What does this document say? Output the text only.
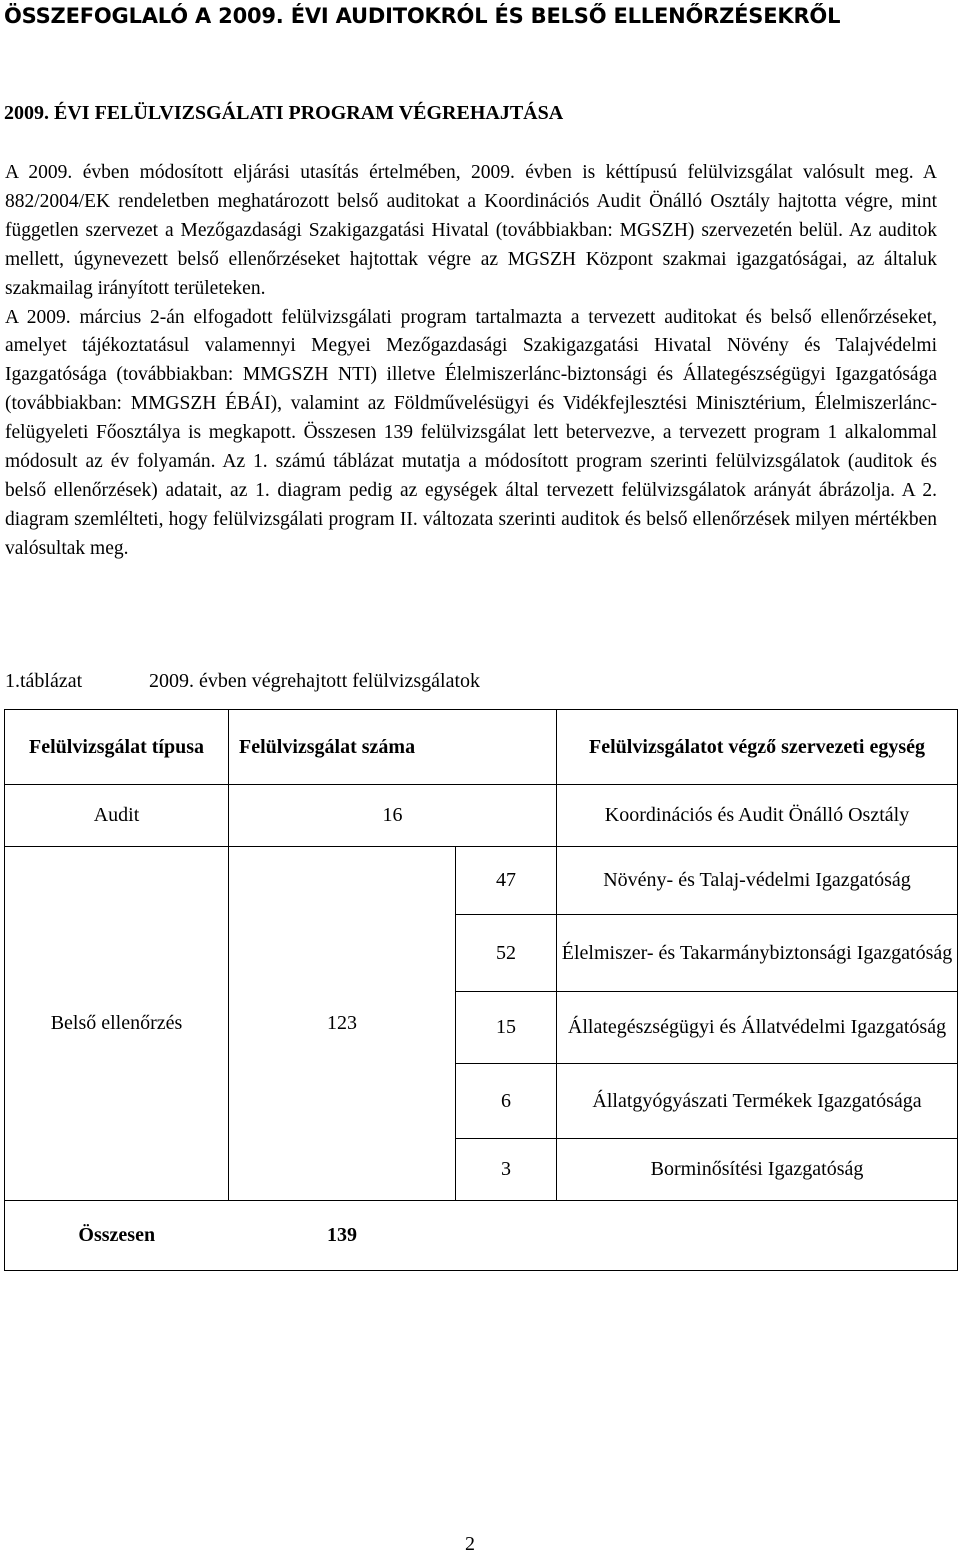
ÖSSZEFOGLALÓ A 2009. ÉVI AUDITOKRÓL ÉS BELSŐ ELLENŐRZÉSEKRŐL
2009. ÉVI FELÜLVIZSGÁLATI PROGRAM VÉGREHAJTÁSA

A 2009. évben módosított eljárási utasítás értelmében, 2009. évben is kéttípusú felülvizsgálat valósult meg. A 882/2004/EK rendeletben meghatározott belső auditokat a Koordinációs Audit Önálló Osztály hajtotta végre, mint független szervezet a Mezőgazdasági Szakigazgatási Hivatal (továbbiakban: MGSZH) szervezetén belül. Az auditok mellett, úgynevezett belső ellenőrzéseket hajtottak végre az MGSZH Központ szakmai igazgatóságai, az általuk szakmailag irányított területeken.

A 2009. március 2-án elfogadott felülvizsgálati program tartalmazta a tervezett auditokat és belső ellenőrzéseket, amelyet tájékoztatásul valamennyi Megyei Mezőgazdasági Szakigazgatási Hivatal Növény és Talajvédelmi Igazgatósága (továbbiakban: MMGSZH NTI) illetve Élelmiszerlánc-biztonsági és Állategészségügyi Igazgatósága (továbbiakban: MMGSZH ÉBÁI), valamint az Földművelésügyi és Vidékfejlesztési Minisztérium, Élelmiszerlánc-felügyeleti Főosztálya is megkapott. Összesen 139 felülvizsgálat lett betervezve, a tervezett program 1 alkalommal módosult az év folyamán. Az 1. számú táblázat mutatja a módosított program szerinti felülvizsgálatok (auditok és belső ellenőrzések) adatait, az 1. diagram pedig az egységek által tervezett felülvizsgálatok arányát ábrázolja. A 2. diagram szemlélteti, hogy felülvizsgálati program II. változata szerinti auditok és belső ellenőrzések milyen mértékben valósultak meg.

1.táblázat	2009. évben végrehajtott felülvizsgálatok
Felülvizsgálat típusa	Felülvizsgálat száma		Felülvizsgálatot végző szervezeti egység
Audit	16		Koordinációs és Audit Önálló Osztály
Belső ellenőrzés	123	47	Növény- és Talaj-védelmi Igazgatóság
		52	Élelmiszer- és Takarmánybiztonsági Igazgatóság
		15	Állategészségügyi és Állatvédelmi Igazgatóság
		6	Állatgyógyászati Termékek Igazgatósága
		3	Borminősítési Igazgatóság
Összesen	139		
2
